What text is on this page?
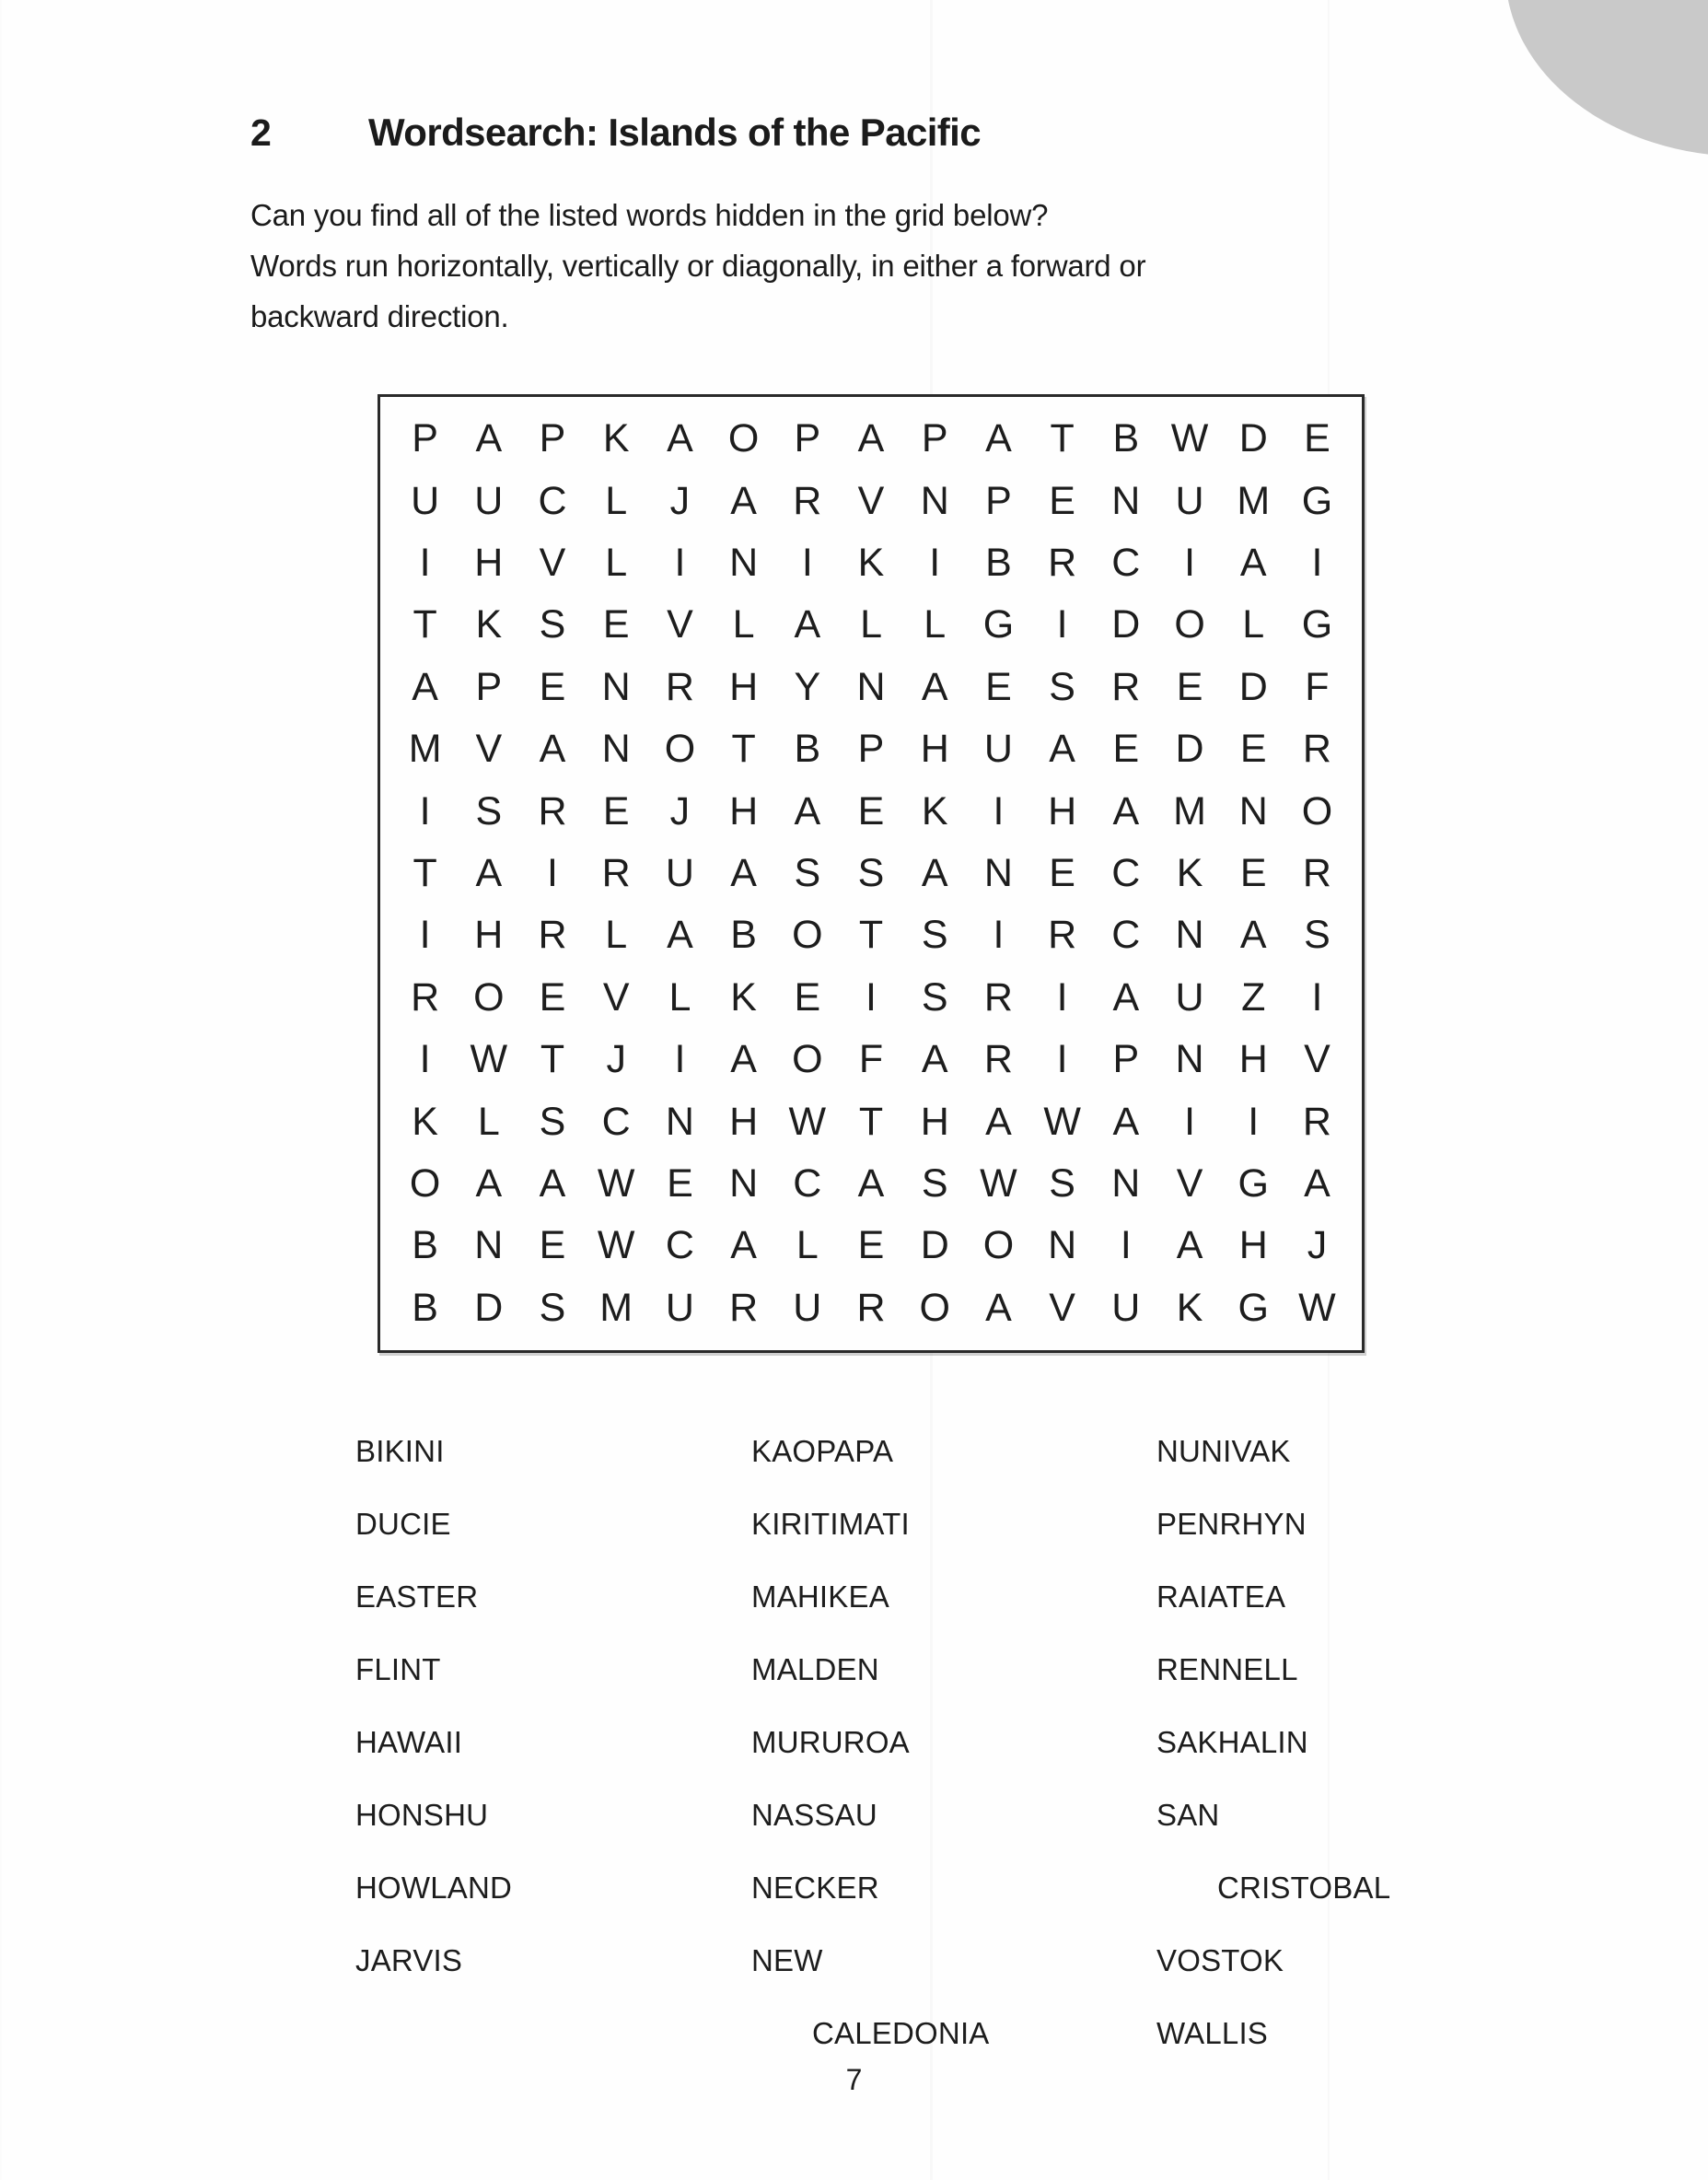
2	Wordsearch: Islands of the Pacific
Can you find all of the listed words hidden in the grid below?
Words run horizontally, vertically or diagonally, in either a forward or
backward direction.
P A P K A O P A P A T B W D E
U U C L	J	A R V N P E N U M G
I	H V L	I	N	I	K	I	B R C	I	A	I
T K S E V L A L	L G	I	D O L G
A P E N R H Y N A E S R E D F
M V A N O T B P H U A E D E R
I	S R E	J H A E K	I	H A M N O
T A	I	R U A S S A N E C K E R
I	H R L A B O T S	I	R C N A S
R O E V L K E	I	S R	I	A U Z	I
I W T	J	I	A O F A R	I	P N H V
K L S C N H W T H A W A	I	I	R
O A A W E N C A S W S N V G A
B N E W C A L E D O N	I	A H J
B D S M U R U R O A V U K G W
BIKINI
DUCIE
EASTER
FLINT
HAWAII
HONSHU
HOWLAND
JARVIS
KAOPAPA
KIRITIMATI
MAHIKEA
MALDEN
MURUROA
NASSAU
NECKER
NEW
CALEDONIA
NUNIVAK
PENRHYN
RAIATEA
RENNELL
SAKHALIN
SAN
CRISTOBAL
VOSTOK
WALLIS
7
